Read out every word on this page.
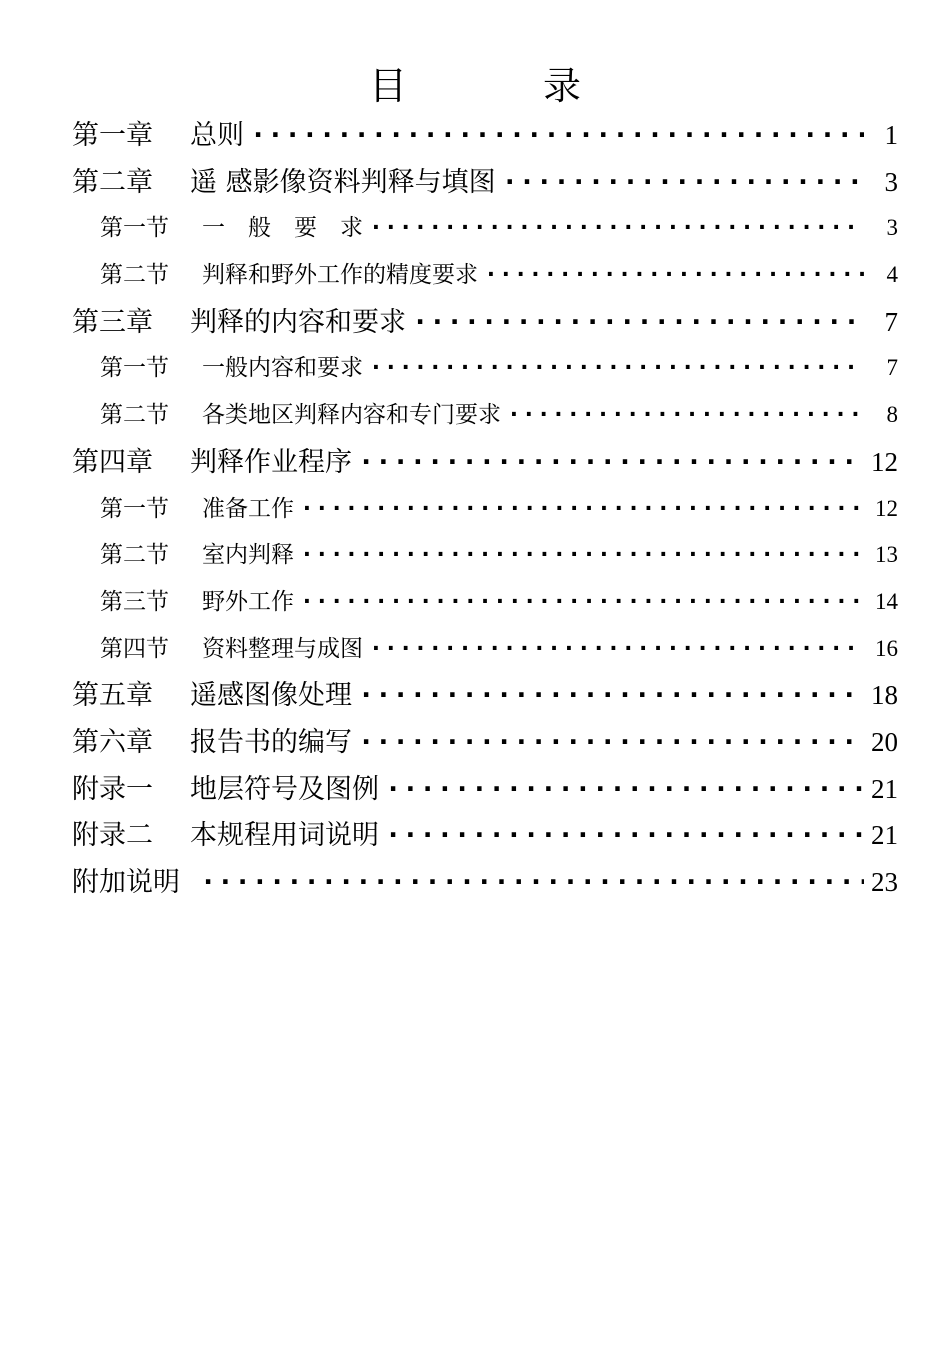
目 录
第一章	总则 ·····	1
第二章	遥 感影像资料判释与填图 ·····	3
第一节	一　般　要　求 ·····	3
第二节	判释和野外工作的精度要求 ·····	4
第三章	判释的内容和要求 ·····	7
第一节	一般内容和要求 ·····	7
第二节	各类地区判释内容和专门要求 ·····	8
第四章	判释作业程序 ·····	12
第一节	准备工作 ·····	12
第二节	室内判释 ·····	13
第三节	野外工作 ·····	14
第四节	资料整理与成图 ·····	16
第五章	遥感图像处理 ·····	18
第六章	报告书的编写 ·····	20
附录一	地层符号及图例 ·····	21
附录二	本规程用词说明 ·····	21
附加说明 ·····	23
